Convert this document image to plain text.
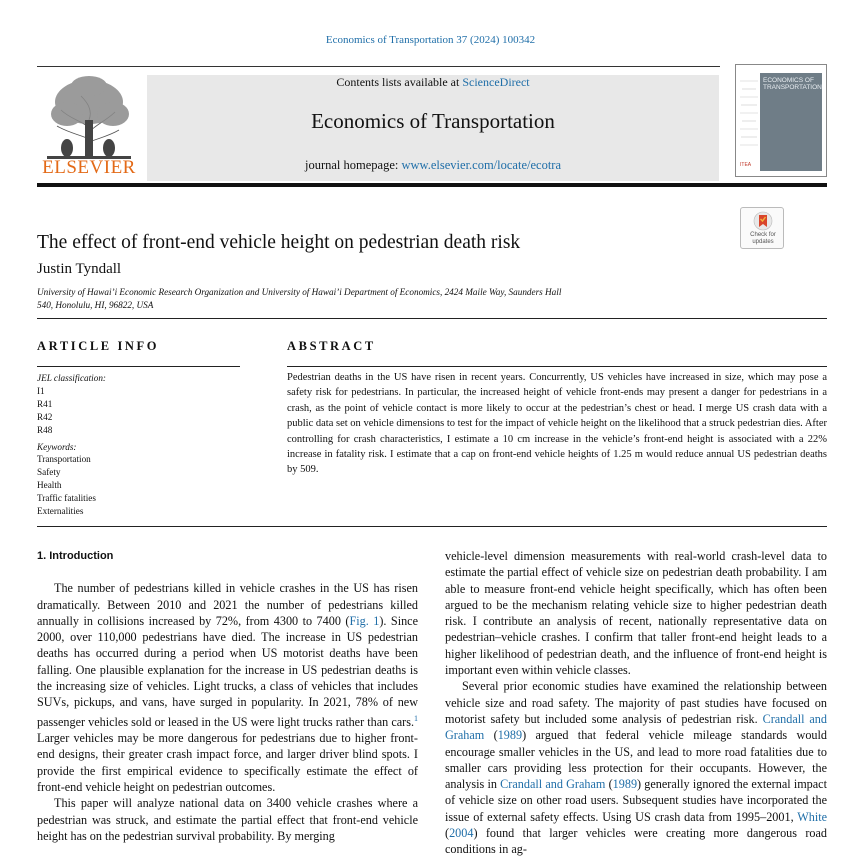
Economics of Transportation 37 (2024) 100342
ELSEVIER
Contents lists available at ScienceDirect
Economics of Transportation
journal homepage: www.elsevier.com/locate/ecotra
ECONOMICS OF
TRANSPORTATION
ITEA
Check for
updates
The effect of front-end vehicle height on pedestrian death risk
Justin Tyndall
University of Hawai’i Economic Research Organization and University of Hawai’i Department of Economics, 2424 Maile Way, Saunders Hall
540, Honolulu, HI, 96822, USA
ARTICLE INFO	ABSTRACT
JEL classification:
I1
R41
R42
R48
Keywords:
Transportation
Safety
Health
Traffic fatalities
Externalities
Pedestrian deaths in the US have risen in recent years. Concurrently, US vehicles have increased in size, which may pose a safety risk for pedestrians. In particular, the increased height of vehicle front-ends may present a danger for pedestrians in a crash, as the point of vehicle contact is more likely to occur at the pedestrian’s chest or head. I merge US crash data with a public data set on vehicle dimensions to test for the impact of vehicle height on the likelihood that a struck pedestrian dies. After controlling for crash characteristics, I estimate a 10 cm increase in the vehicle’s front-end height is associated with a 22% increase in fatality risk. I estimate that a cap on front-end vehicle heights of 1.25 m would reduce annual US pedestrian deaths by 509.
1. Introduction

The number of pedestrians killed in vehicle crashes in the US has risen dramatically. Between 2010 and 2021 the number of pedestrians killed annually in collisions increased by 72%, from 4300 to 7400 (Fig. 1). Since 2000, over 110,000 pedestrians have died. The increase in US pedestrian deaths has occurred during a period when US motorist deaths have been falling. One plausible explanation for the increase in US pedestrian deaths is the increasing size of vehicles. Light trucks, a class of vehicles that includes SUVs, pickups, and vans, have surged in popularity. In 2021, 78% of new passenger vehicles sold or leased in the US were light trucks rather than cars.$^1$ Larger vehicles may be more dangerous for pedestrians due to higher front-end designs, their greater crash impact force, and larger driver blind spots. I provide the first empirical evidence to specifically estimate the effect of front-end vehicle height on pedestrian outcomes.

This paper will analyze national data on 3400 vehicle crashes where a pedestrian was struck, and estimate the partial effect that front-end vehicle height has on the pedestrian survival probability. By merging

vehicle-level dimension measurements with real-world crash-level data to estimate the partial effect of vehicle size on pedestrian death probability. I am able to measure front-end vehicle height specifically, which has often been argued to be the mechanism relating vehicle size to higher pedestrian death risk. I contribute an analysis of recent, nationally representative data on pedestrian–vehicle crashes. I confirm that taller front-end height leads to a higher likelihood of pedestrian death, and the influence of front-end height is important even within vehicle classes.

Several prior economic studies have examined the relationship between vehicle size and road safety. The majority of past studies have focused on motorist safety but included some analysis of pedestrian risk. Crandall and Graham (1989) argued that federal vehicle mileage standards would encourage smaller vehicles in the US, and lead to more road fatalities due to smaller cars providing less protection for their occupants. However, the analysis in Crandall and Graham (1989) generally ignored the external impact of vehicle size on other road users. Subsequent studies have incorporated the issue of external safety effects. Using US crash data from 1995–2001, White (2004) found that larger vehicles were creating more dangerous road conditions in ag-
